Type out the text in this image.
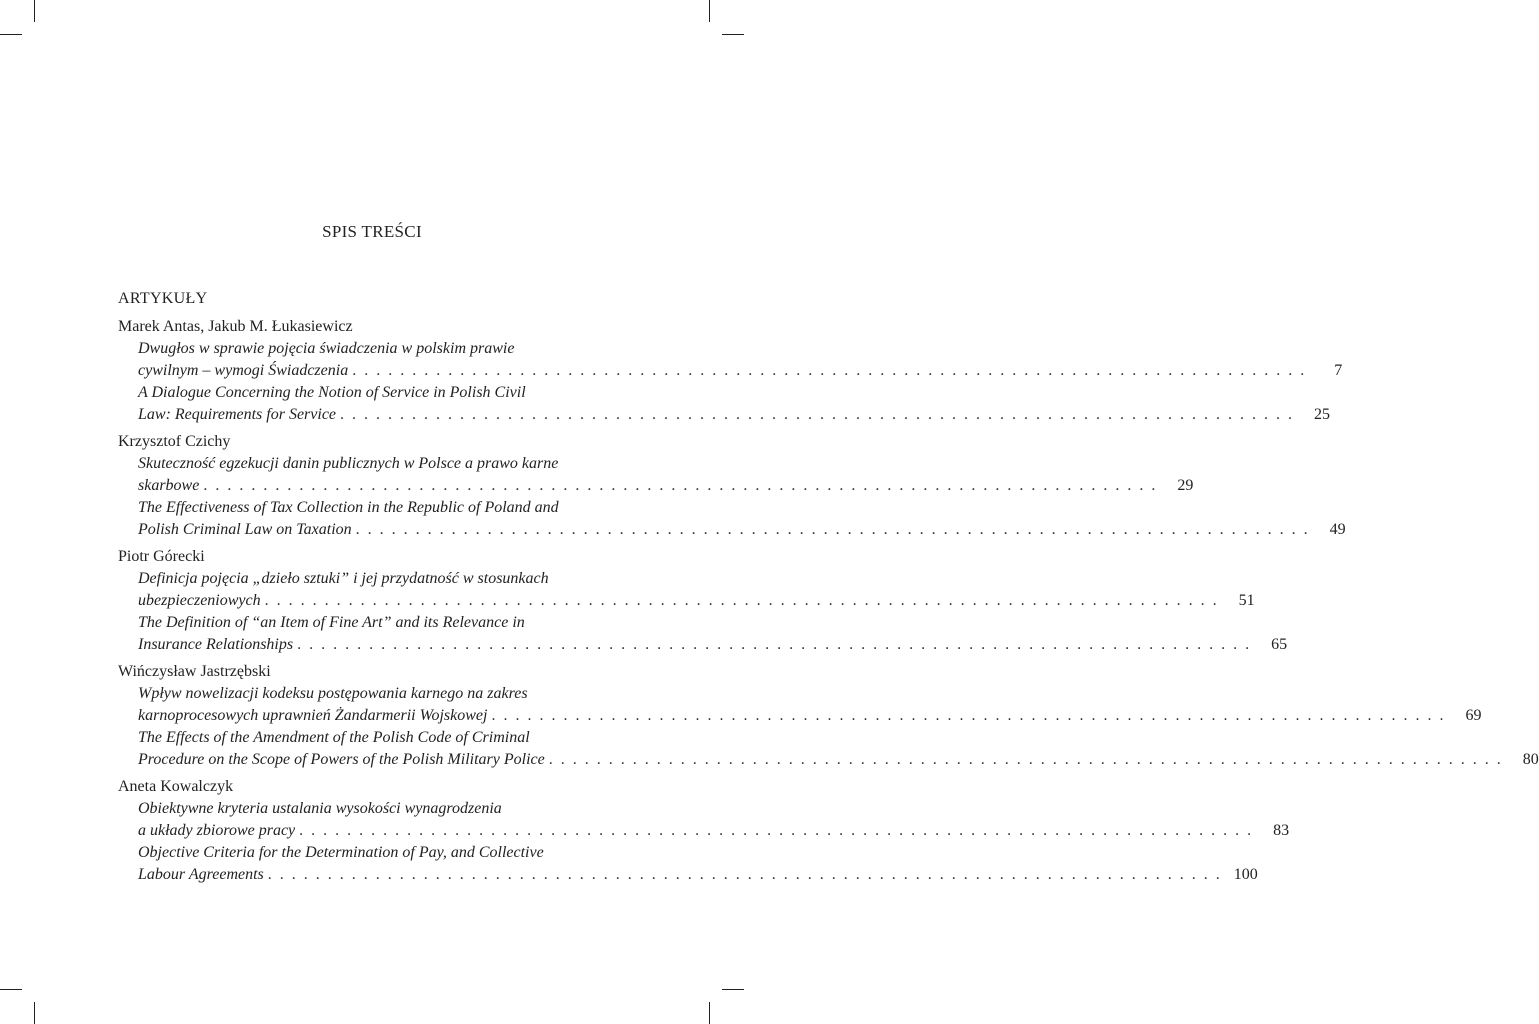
SPIS TREŚCI
ARTYKUŁY
Marek Antas, Jakub M. Łukasiewicz
Dwugłos w sprawie pojęcia świadczenia w polskim prawie
cywilnym – wymogi Świadczenia . . . . . . . . . . . . . . . . . . . . . . . . . . . . . . . . . . . . . . . . . . . . . . . . . . . . . . . . . . . . . . . . . . . . . . . . . . . . . . . .	7
A Dialogue Concerning the Notion of Service in Polish Civil
Law: Requirements for Service . . . . . . . . . . . . . . . . . . . . . . . . . . . . . . . . . . . . . . . . . . . . . . . . . . . . . . . . . . . . . . . . . . . . . . . . . . . . . . . .	25
Krzysztof Czichy
Skuteczność egzekucji danin publicznych w Polsce a prawo karne
skarbowe . . . . . . . . . . . . . . . . . . . . . . . . . . . . . . . . . . . . . . . . . . . . . . . . . . . . . . . . . . . . . . . . . . . . . . . . . . . . . . . .	29
The Effectiveness of Tax Collection in the Republic of Poland and
Polish Criminal Law on Taxation . . . . . . . . . . . . . . . . . . . . . . . . . . . . . . . . . . . . . . . . . . . . . . . . . . . . . . . . . . . . . . . . . . . . . . . . . . . . . . . .	49
Piotr Górecki
Definicja pojęcia „dzieło sztuki” i jej przydatność w stosunkach
ubezpieczeniowych . . . . . . . . . . . . . . . . . . . . . . . . . . . . . . . . . . . . . . . . . . . . . . . . . . . . . . . . . . . . . . . . . . . . . . . . . . . . . . . .	51
The Definition of “an Item of Fine Art” and its Relevance in
Insurance Relationships . . . . . . . . . . . . . . . . . . . . . . . . . . . . . . . . . . . . . . . . . . . . . . . . . . . . . . . . . . . . . . . . . . . . . . . . . . . . . . . .	65
Wińczysław Jastrzębski
Wpływ nowelizacji kodeksu postępowania karnego na zakres
karnoprocesowych uprawnień Żandarmerii Wojskowej . . . . . . . . . . . . . . . . . . . . . . . . . . . . . . . . . . . . . . . . . . . . . . . . . . . . . . . . . . . . . . . . . . . . . . . . . . . . . . . .	69
The Effects of the Amendment of the Polish Code of Criminal
Procedure on the Scope of Powers of the Polish Military Police . . . . . . . . . . . . . . . . . . . . . . . . . . . . . . . . . . . . . . . . . . . . . . . . . . . . . . . . . . . . . . . . . . . . . . . . . . . . . . . .	80
Aneta Kowalczyk
Obiektywne kryteria ustalania wysokości wynagrodzenia
a układy zbiorowe pracy . . . . . . . . . . . . . . . . . . . . . . . . . . . . . . . . . . . . . . . . . . . . . . . . . . . . . . . . . . . . . . . . . . . . . . . . . . . . . . . .	83
Objective Criteria for the Determination of Pay, and Collective
Labour Agreements . . . . . . . . . . . . . . . . . . . . . . . . . . . . . . . . . . . . . . . . . . . . . . . . . . . . . . . . . . . . . . . . . . . . . . . . . . . . . . . . 100
